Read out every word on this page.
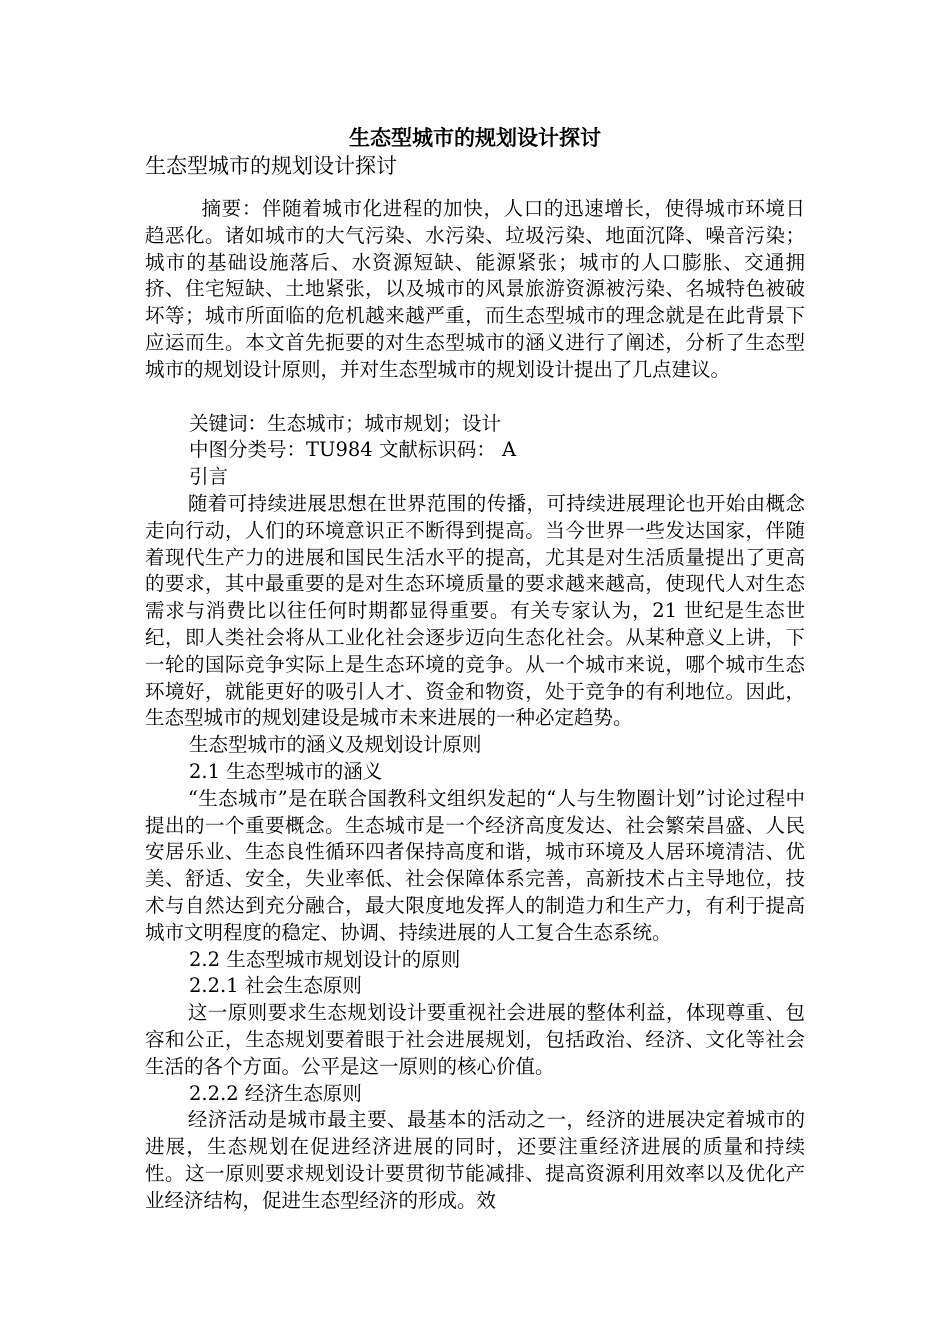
生态型城市的规划设计探讨
生态型城市的规划设计探讨

摘要：伴随着城市化进程的加快，人口的迅速增长，使得城市环境日趋恶化。诸如城市的大气污染、水污染、垃圾污染、地面沉降、噪音污染；城市的基础设施落后、水资源短缺、能源紧张；城市的人口膨胀、交通拥挤、住宅短缺、土地紧张，以及城市的风景旅游资源被污染、名城特色被破坏等；城市所面临的危机越来越严重，而生态型城市的理念就是在此背景下应运而生。本文首先扼要的对生态型城市的涵义进行了阐述，分析了生态型城市的规划设计原则，并对生态型城市的规划设计提出了几点建议。

关键词：生态城市；城市规划；设计

中图分类号：TU984 文献标识码： A

引言

随着可持续进展思想在世界范围的传播，可持续进展理论也开始由概念走向行动，人们的环境意识正不断得到提高。当今世界一些发达国家，伴随着现代生产力的进展和国民生活水平的提高，尤其是对生活质量提出了更高的要求，其中最重要的是对生态环境质量的要求越来越高，使现代人对生态需求与消费比以往任何时期都显得重要。有关专家认为，21 世纪是生态世纪，即人类社会将从工业化社会逐步迈向生态化社会。从某种意义上讲，下一轮的国际竞争实际上是生态环境的竞争。从一个城市来说，哪个城市生态环境好，就能更好的吸引人才、资金和物资，处于竞争的有利地位。因此，生态型城市的规划建设是城市未来进展的一种必定趋势。

生态型城市的涵义及规划设计原则

2.1 生态型城市的涵义

“生态城市”是在联合国教科文组织发起的“人与生物圈计划”讨论过程中提出的一个重要概念。生态城市是一个经济高度发达、社会繁荣昌盛、人民安居乐业、生态良性循环四者保持高度和谐，城市环境及人居环境清洁、优美、舒适、安全，失业率低、社会保障体系完善，高新技术占主导地位，技术与自然达到充分融合，最大限度地发挥人的制造力和生产力，有利于提高城市文明程度的稳定、协调、持续进展的人工复合生态系统。

2.2 生态型城市规划设计的原则

2.2.1 社会生态原则

这一原则要求生态规划设计要重视社会进展的整体利益，体现尊重、包容和公正，生态规划要着眼于社会进展规划，包括政治、经济、文化等社会生活的各个方面。公平是这一原则的核心价值。

2.2.2 经济生态原则

经济活动是城市最主要、最基本的活动之一，经济的进展决定着城市的进展，生态规划在促进经济进展的同时，还要注重经济进展的质量和持续性。这一原则要求规划设计要贯彻节能减排、提高资源利用效率以及优化产业经济结构，促进生态型经济的形成。效
